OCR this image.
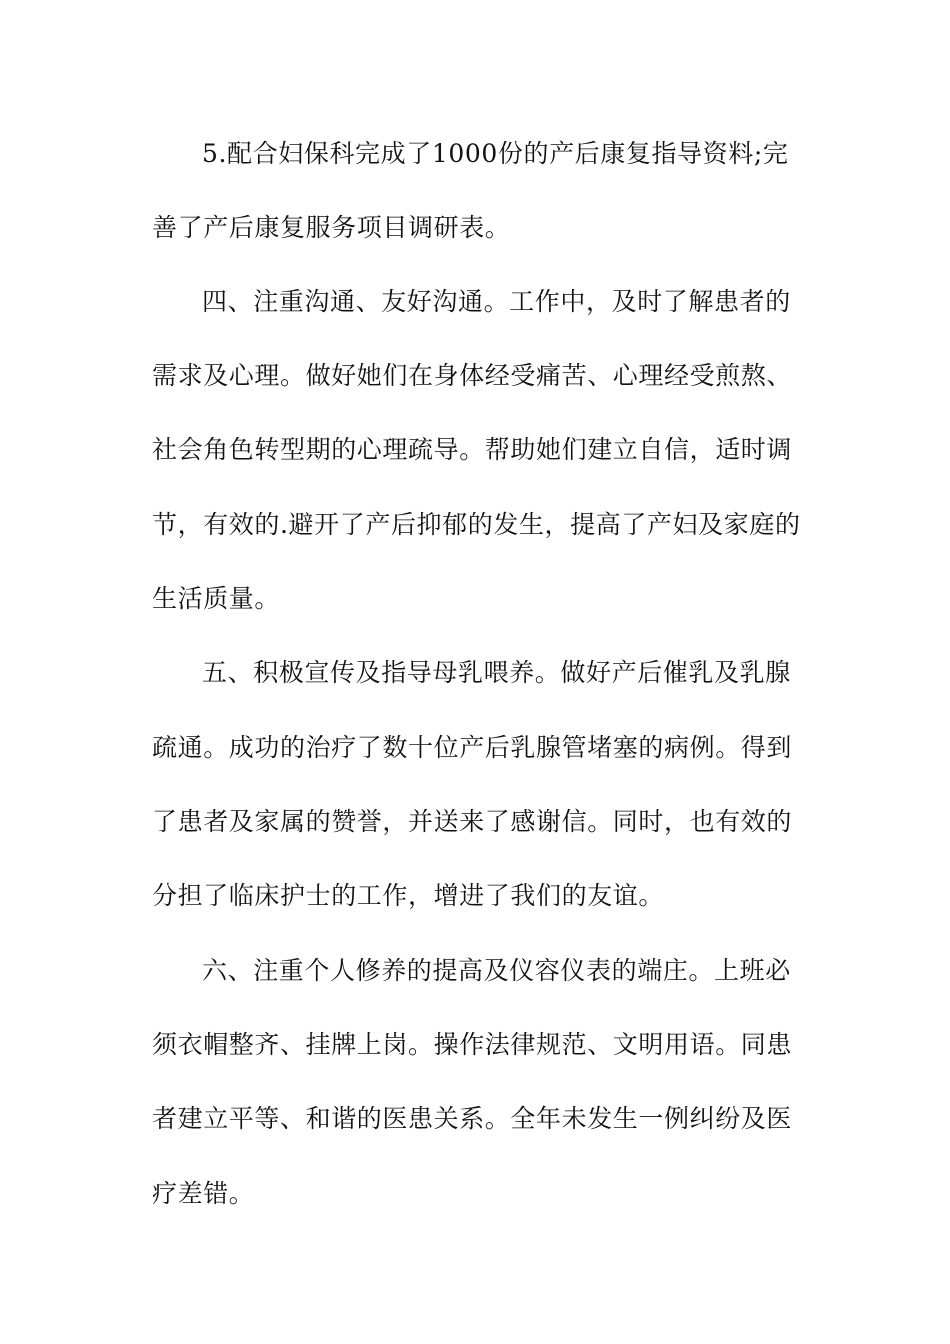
5.配合妇保科完成了1000份的产后康复指导资料;完
善了产后康复服务项目调研表。
四、注重沟通、友好沟通。工作中，及时了解患者的
需求及心理。做好她们在身体经受痛苦、心理经受煎熬、
社会角色转型期的心理疏导。帮助她们建立自信，适时调
节，有效的.避开了产后抑郁的发生，提高了产妇及家庭的
生活质量。
五、积极宣传及指导母乳喂养。做好产后催乳及乳腺
疏通。成功的治疗了数十位产后乳腺管堵塞的病例。得到
了患者及家属的赞誉，并送来了感谢信。同时，也有效的
分担了临床护士的工作，增进了我们的友谊。
六、注重个人修养的提高及仪容仪表的端庄。上班必
须衣帽整齐、挂牌上岗。操作法律规范、文明用语。同患
者建立平等、和谐的医患关系。全年未发生一例纠纷及医
疗差错。
